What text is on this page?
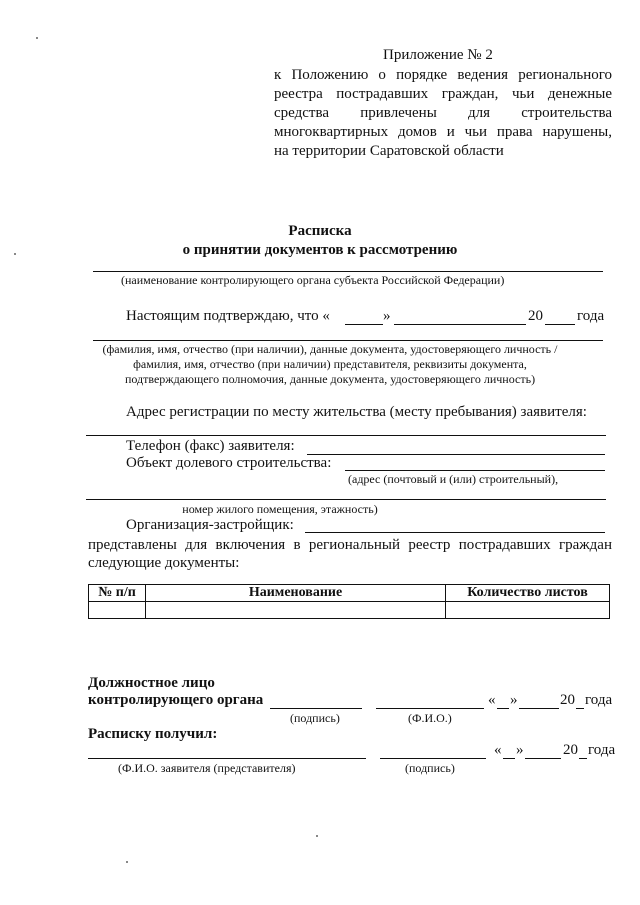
Приложение № 2
к Положению о порядке ведения регионального
реестра пострадавших граждан, чьи денежные
средства привлечены для строительства
многоквартирных домов и чьи права нарушены,
на территории Саратовской области
Расписка
о принятии документов к рассмотрению
(наименование контролирующего органа субъекта Российской Федерации)
Настоящим подтверждаю, что «	»	20 года
(фамилия, имя, отчество (при наличии), данные документа, удостоверяющего личность /
фамилия, имя, отчество (при наличии) представителя, реквизиты документа,
подтверждающего полномочия, данные документа, удостоверяющего личность)
Адрес регистрации по месту жительства (месту пребывания) заявителя:
Телефон (факс) заявителя:
Объект долевого строительства:
(адрес (почтовый и (или) строительный),
номер жилого помещения, этажность)
Организация-застройщик:
представлены для включения в региональный реестр пострадавших граждан
следующие документы:
№ п/п	Наименование	Количество листов

Должностное лицо
контролирующего органа	« »	20 года
(подпись)	(Ф.И.О.)
Расписку получил:
« »	20 года
(Ф.И.О. заявителя (представителя)	(подпись)
